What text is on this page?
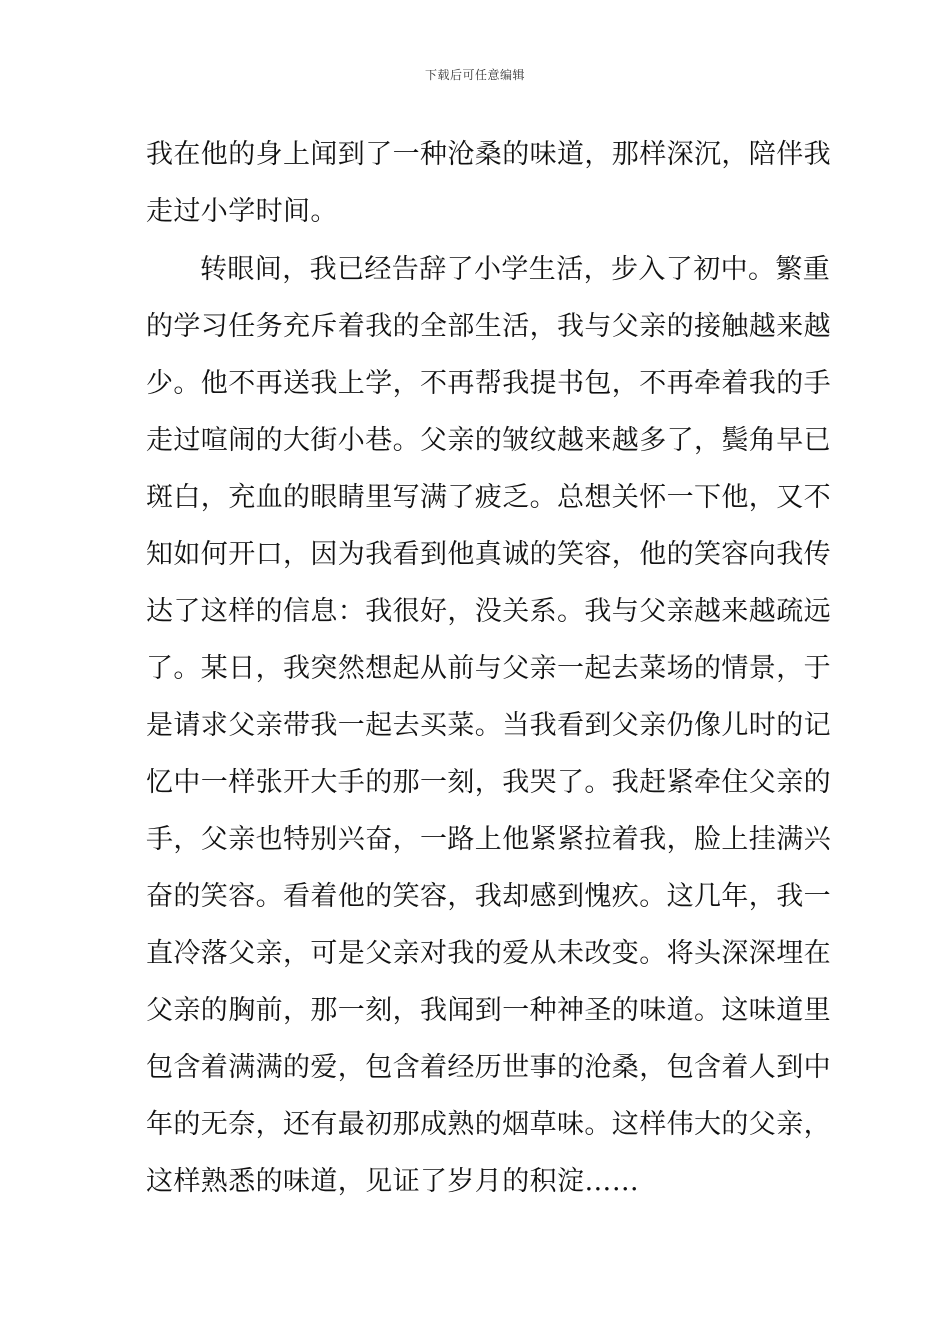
下载后可任意编辑
我在他的身上闻到了一种沧桑的味道，那样深沉，陪伴我
走过小学时间。
转眼间，我已经告辞了小学生活，步入了初中。繁重
的学习任务充斥着我的全部生活，我与父亲的接触越来越
少。他不再送我上学，不再帮我提书包，不再牵着我的手
走过喧闹的大街小巷。父亲的皱纹越来越多了，鬓角早已
斑白，充血的眼睛里写满了疲乏。总想关怀一下他，又不
知如何开口，因为我看到他真诚的笑容，他的笑容向我传
达了这样的信息：我很好，没关系。我与父亲越来越疏远
了。某日，我突然想起从前与父亲一起去菜场的情景，于
是请求父亲带我一起去买菜。当我看到父亲仍像儿时的记
忆中一样张开大手的那一刻，我哭了。我赶紧牵住父亲的
手，父亲也特别兴奋，一路上他紧紧拉着我，脸上挂满兴
奋的笑容。看着他的笑容，我却感到愧疚。这几年，我一
直冷落父亲，可是父亲对我的爱从未改变。将头深深埋在
父亲的胸前，那一刻，我闻到一种神圣的味道。这味道里
包含着满满的爱，包含着经历世事的沧桑，包含着人到中
年的无奈，还有最初那成熟的烟草味。这样伟大的父亲，
这样熟悉的味道，见证了岁月的积淀……
